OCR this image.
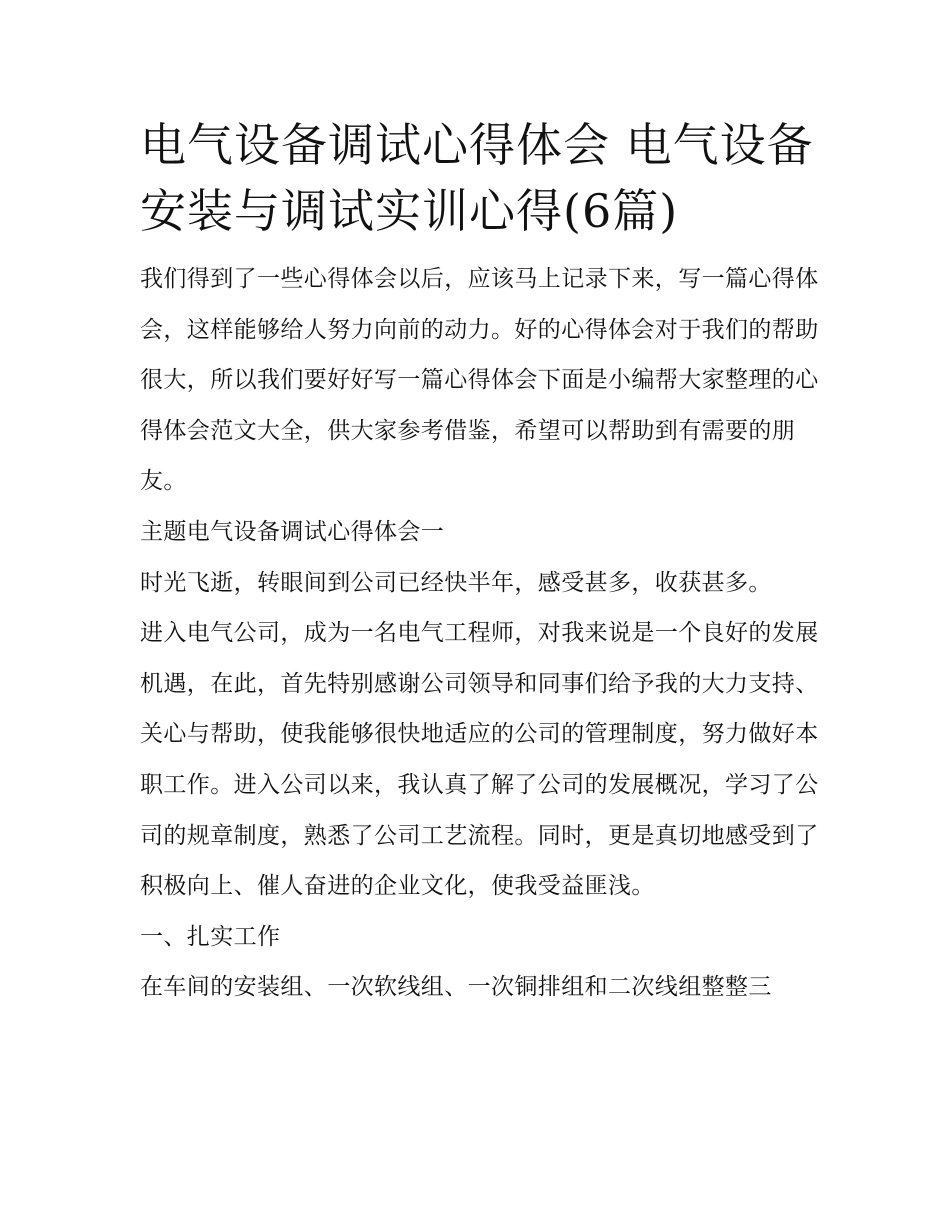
电气设备调试心得体会 电气设备安装与调试实训心得(6篇)

我们得到了一些心得体会以后，应该马上记录下来，写一篇心得体会，这样能够给人努力向前的动力。好的心得体会对于我们的帮助很大，所以我们要好好写一篇心得体会下面是小编帮大家整理的心得体会范文大全，供大家参考借鉴，希望可以帮助到有需要的朋友。

主题电气设备调试心得体会一

时光飞逝，转眼间到公司已经快半年，感受甚多，收获甚多。

进入电气公司，成为一名电气工程师，对我来说是一个良好的发展机遇，在此，首先特别感谢公司领导和同事们给予我的大力支持、关心与帮助，使我能够很快地适应的公司的管理制度，努力做好本职工作。进入公司以来，我认真了解了公司的发展概况，学习了公司的规章制度，熟悉了公司工艺流程。同时，更是真切地感受到了积极向上、催人奋进的企业文化，使我受益匪浅。

一、扎实工作

在车间的安装组、一次软线组、一次铜排组和二次线组整整三
